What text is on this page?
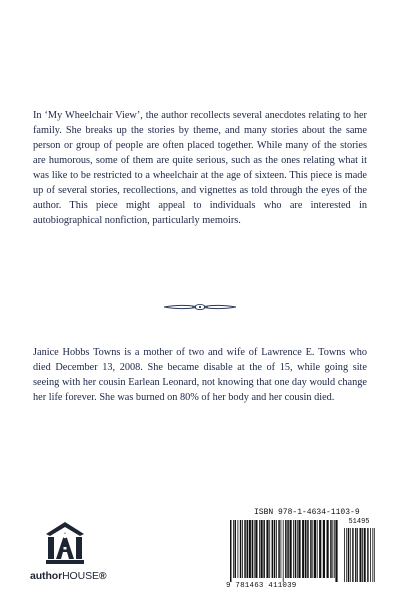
In ‘My Wheelchair View’, the author recollects several anecdotes relating to her family. She breaks up the stories by theme, and many stories about the same person or group of people are often placed together. While many of the stories are humorous, some of them are quite serious, such as the ones relating what it was like to be restricted to a wheelchair at the age of sixteen. This piece is made up of several stories, recollections, and vignettes as told through the eyes of the author. This piece might appeal to individuals who are interested in autobiographical nonfiction, particularly memoirs.

Janice Hobbs Towns is a mother of two and wife of Lawrence E. Towns who died December 13, 2008. She became disable at the of 15, while going site seeing with her cousin Earlean Leonard, not knowing that one day would change her life forever. She was burned on 80% of her body and her cousin died.

authorHOUSE®
ISBN 978-1-4634-1103-9
51495
9 781463 411039
